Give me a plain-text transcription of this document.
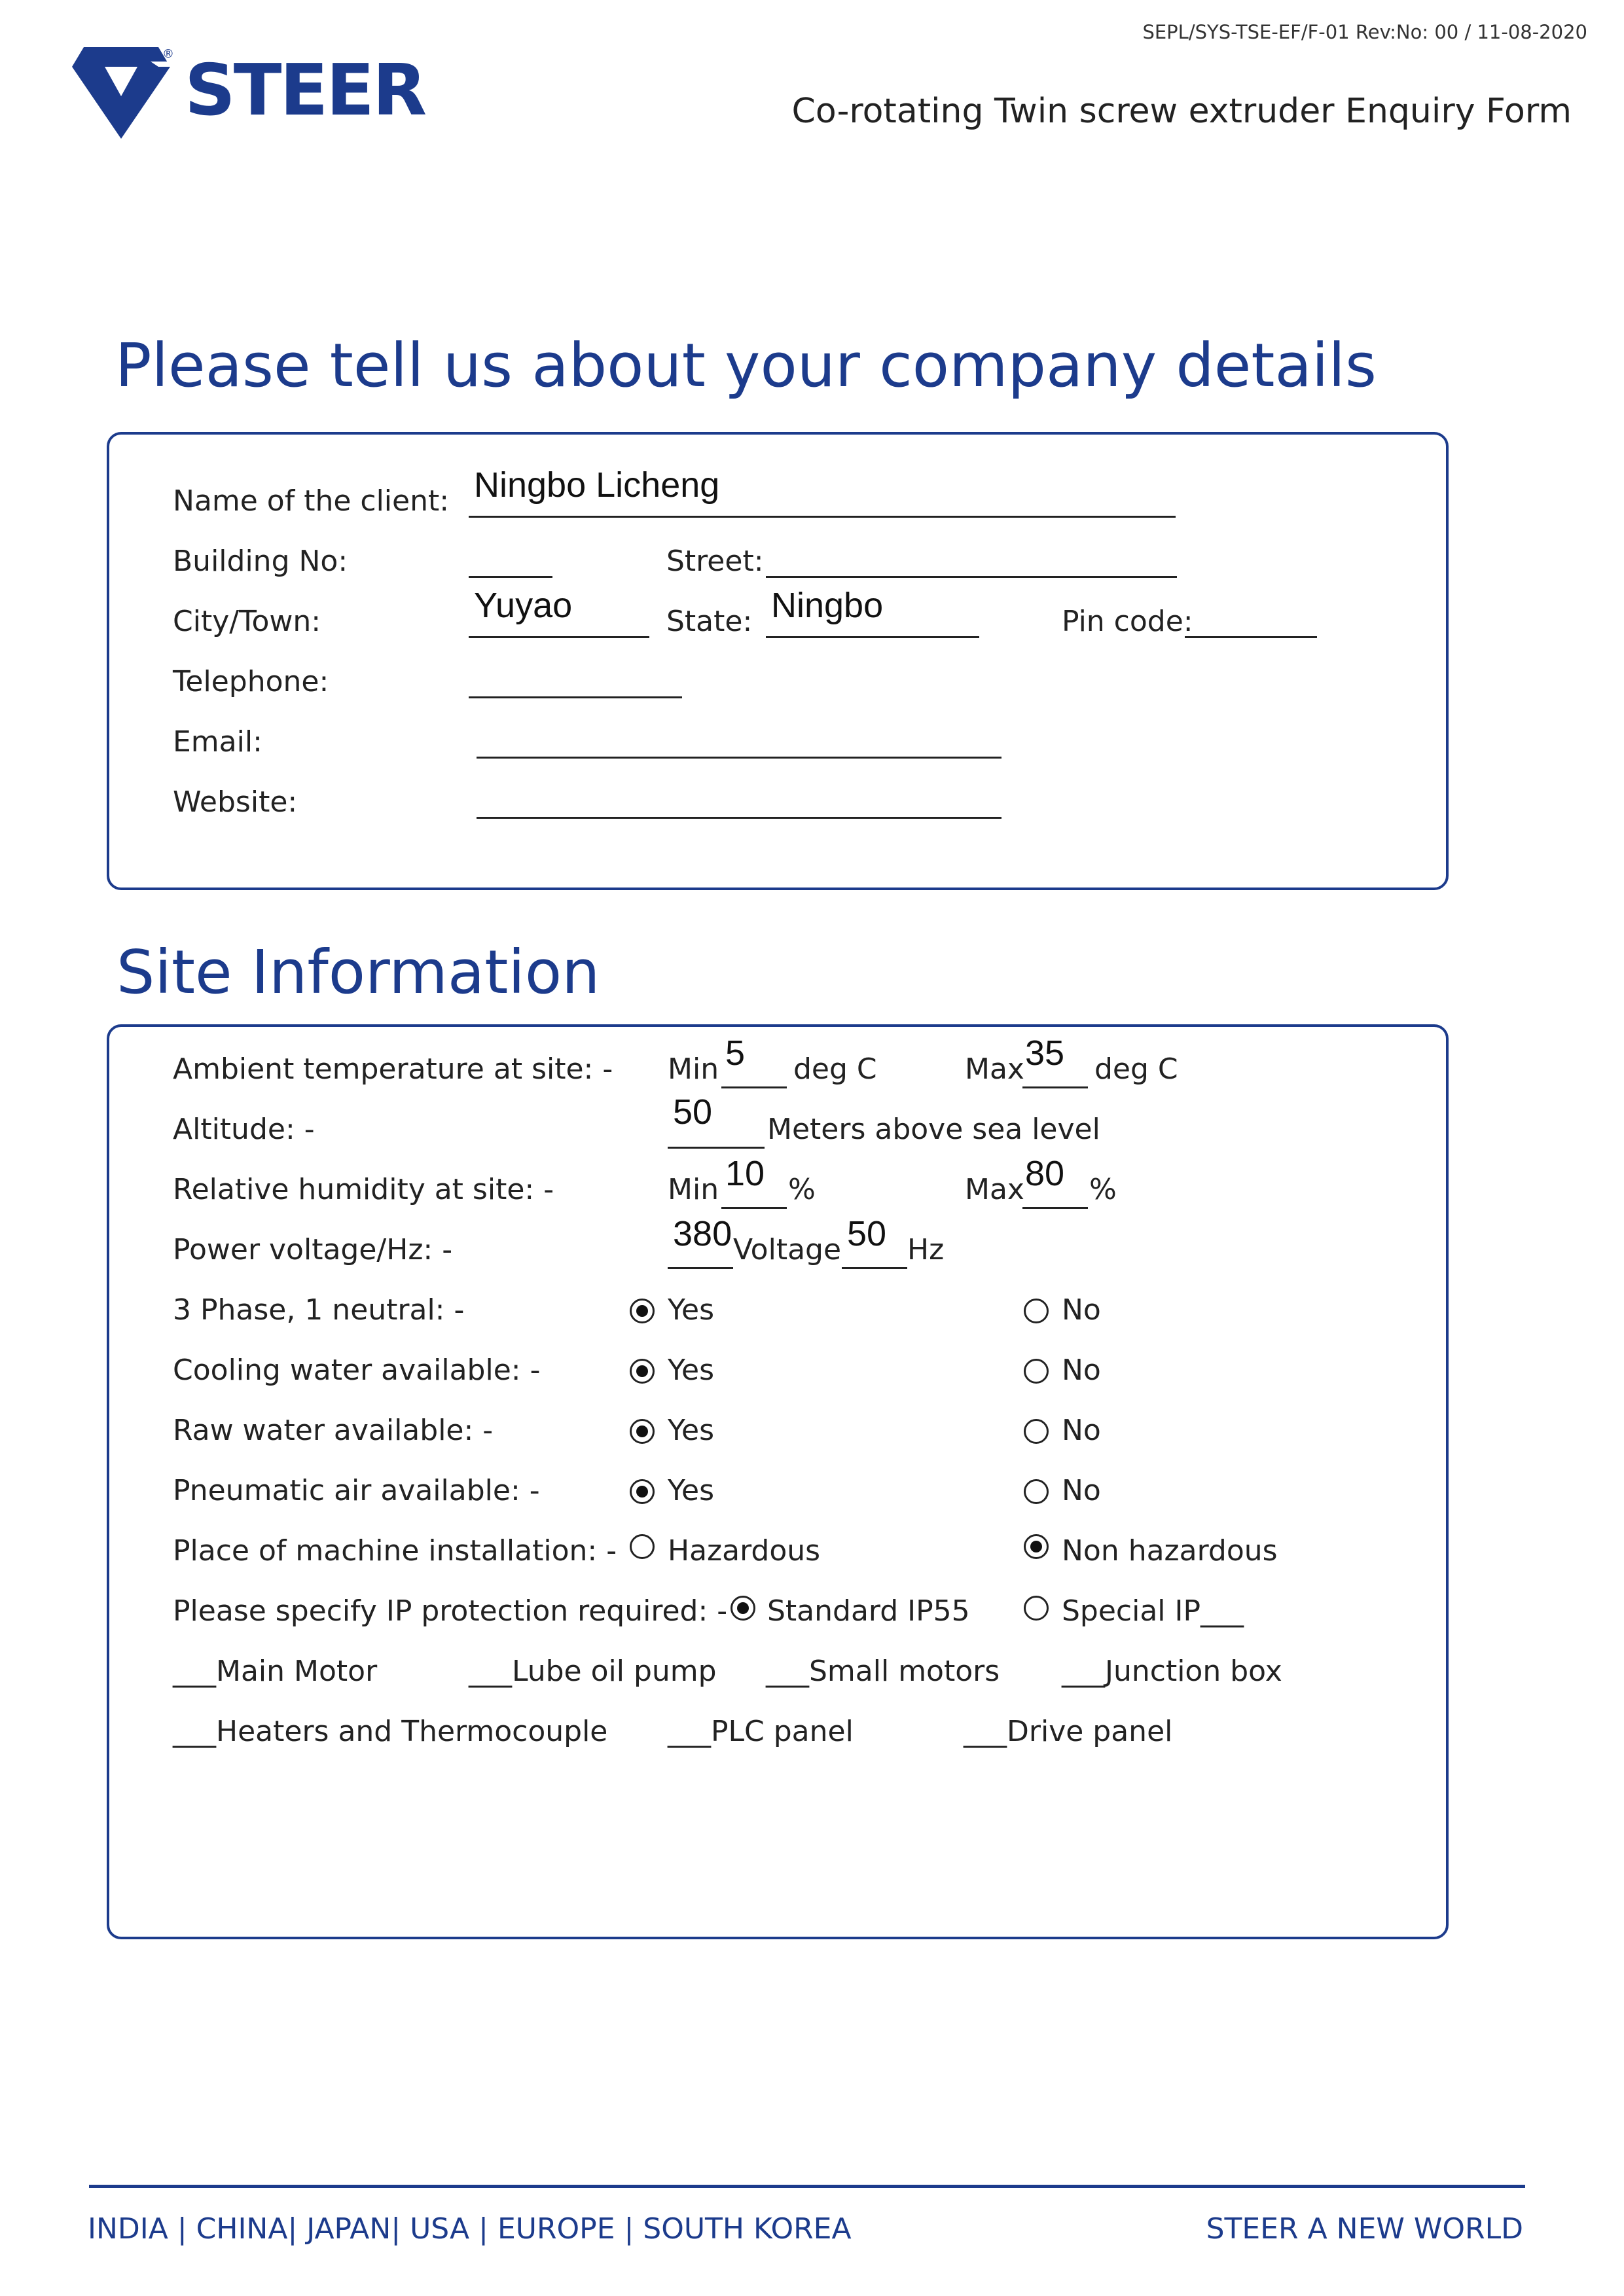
SEPL/SYS-TSE-EF/F-01 Rev:No: 00 / 11-08-2020
® STEER	Co-rotating Twin screw extruder Enquiry Form
Please tell us about your company details
Name of the client: Ningbo Licheng
Building No:	Street:
City/Town:	Yuyao	State: Ningbo	Pin code:
Telephone:
Email:
Website:
Site Information
Ambient temperature at site: - Min 5 deg C	Max 35 deg C
Altitude: -	50 Meters above sea level
Relative humidity at site: -	Min 10 %	Max 80 %
Power voltage/Hz: -	380 Voltage 50 Hz
3 Phase, 1 neutral: -	Yes	No
Cooling water available: -	Yes	No
Raw water available: -	Yes	No
Pneumatic air available: -	Yes	No
Place of machine installation: - Hazardous	Non hazardous
Please specify IP protection required: - Standard IP55	Special IP___
___Main Motor	___Lube oil pump ___Small motors ___Junction box
___Heaters and Thermocouple ___PLC panel	___Drive panel
INDIA | CHINA| JAPAN| USA | EUROPE | SOUTH KOREA	STEER A NEW WORLD
